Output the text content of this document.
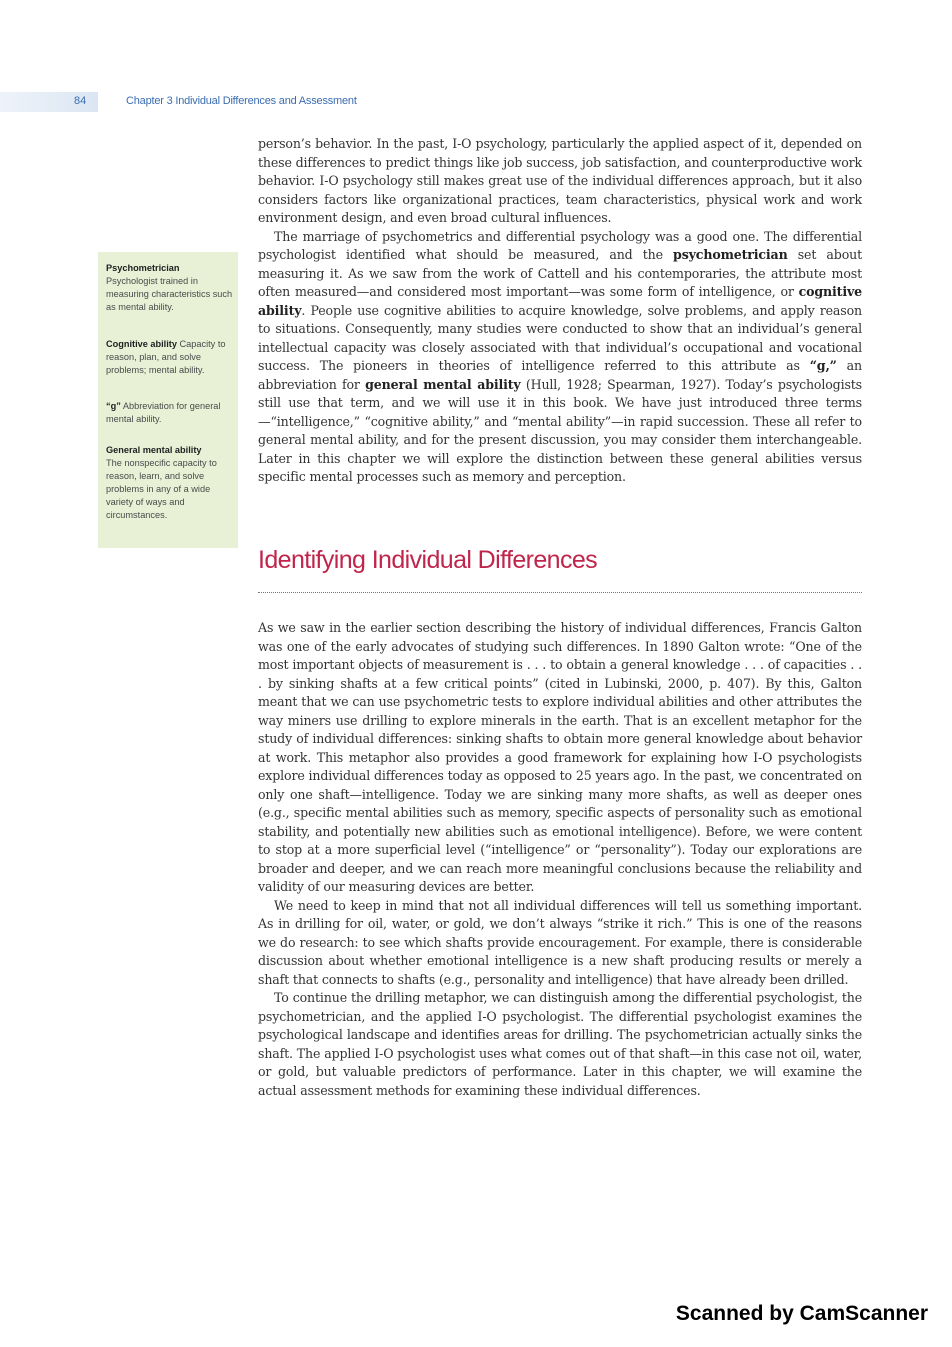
84	Chapter 3 Individual Differences and Assessment
Psychometrician
Psychologist trained in measuring characteristics such as mental ability.
Cognitive ability Capacity to reason, plan, and solve problems; mental ability.
“g” Abbreviation for general mental ability.
General mental ability
The nonspecific capacity to reason, learn, and solve problems in any of a wide variety of ways and circumstances.

person’s behavior. In the past, I-O psychology, particularly the applied aspect of it, depended on these differences to predict things like job success, job satisfaction, and counterproductive work behavior. I-O psychology still makes great use of the individual differences approach, but it also considers factors like organizational practices, team characteristics, physical work and work environment design, and even broad cultural influences.

The marriage of psychometrics and differential psychology was a good one. The differential psychologist identified what should be measured, and the psychometrician set about measuring it. As we saw from the work of Cattell and his contemporaries, the attribute most often measured—and considered most important—was some form of intelligence, or cognitive ability. People use cognitive abilities to acquire knowledge, solve problems, and apply reason to situations. Consequently, many studies were conducted to show that an individual’s general intellectual capacity was closely associated with that individual’s occupational and vocational success. The pioneers in theories of intelligence referred to this attribute as “g,” an abbreviation for general mental ability (Hull, 1928; Spearman, 1927). Today’s psychologists still use that term, and we will use it in this book. We have just introduced three terms—“intelligence,” “cognitive ability,” and “mental ability”—in rapid succession. These all refer to general mental ability, and for the present discussion, you may consider them interchangeable. Later in this chapter we will explore the distinction between these general abilities versus specific mental processes such as memory and perception.

Identifying Individual Differences

As we saw in the earlier section describing the history of individual differences, Francis Galton was one of the early advocates of studying such differences. In 1890 Galton wrote: “One of the most important objects of measurement is . . . to obtain a general knowledge . . . of capacities . . . by sinking shafts at a few critical points” (cited in Lubinski, 2000, p. 407). By this, Galton meant that we can use psychometric tests to explore individual abilities and other attributes the way miners use drilling to explore minerals in the earth. That is an excellent metaphor for the study of individual differences: sinking shafts to obtain more general knowledge about behavior at work. This metaphor also provides a good framework for explaining how I-O psychologists explore individual differences today as opposed to 25 years ago. In the past, we concentrated on only one shaft—intelligence. Today we are sinking many more shafts, as well as deeper ones (e.g., specific mental abilities such as memory, specific aspects of personality such as emotional stability, and potentially new abilities such as emotional intelligence). Before, we were content to stop at a more superficial level (“intelligence” or “personality”). Today our explorations are broader and deeper, and we can reach more meaningful conclusions because the reliability and validity of our measuring devices are better.

We need to keep in mind that not all individual differences will tell us something important. As in drilling for oil, water, or gold, we don’t always “strike it rich.” This is one of the reasons we do research: to see which shafts provide encouragement. For example, there is considerable discussion about whether emotional intelligence is a new shaft producing results or merely a shaft that connects to shafts (e.g., personality and intelligence) that have already been drilled.

To continue the drilling metaphor, we can distinguish among the differential psychologist, the psychometrician, and the applied I-O psychologist. The differential psychologist examines the psychological landscape and identifies areas for drilling. The psychometrician actually sinks the shaft. The applied I-O psychologist uses what comes out of that shaft—in this case not oil, water, or gold, but valuable predictors of performance. Later in this chapter, we will examine the actual assessment methods for examining these individual differences.

Scanned by CamScanner
